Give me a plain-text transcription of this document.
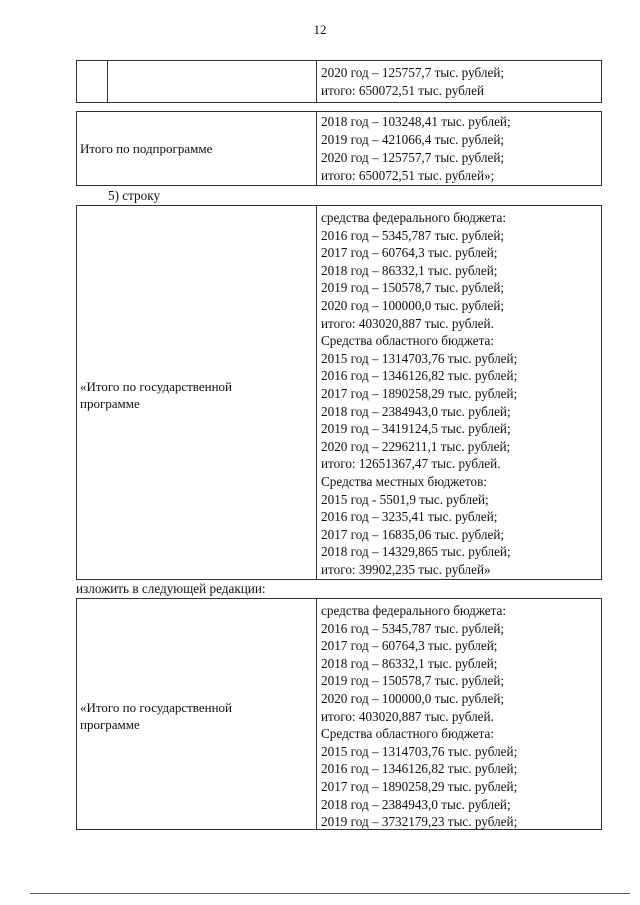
12
2020 год – 125757,7 тыс. рублей;
итого: 650072,51 тыс. рублей
Итого по подпрограмме
2018 год – 103248,41 тыс. рублей;
2019 год – 421066,4 тыс. рублей;
2020 год – 125757,7 тыс. рублей;
итого: 650072,51 тыс. рублей»;
5) строку
«Итого по государственной
программе
средства федерального бюджета:
2016 год – 5345,787 тыс. рублей;
2017 год – 60764,3 тыс. рублей;
2018 год – 86332,1 тыс. рублей;
2019 год – 150578,7 тыс. рублей;
2020 год – 100000,0 тыс. рублей;
итого: 403020,887 тыс. рублей.
Средства областного бюджета:
2015 год – 1314703,76 тыс. рублей;
2016 год – 1346126,82 тыс. рублей;
2017 год – 1890258,29 тыс. рублей;
2018 год – 2384943,0 тыс. рублей;
2019 год – 3419124,5 тыс. рублей;
2020 год – 2296211,1 тыс. рублей;
итого: 12651367,47 тыс. рублей.
Средства местных бюджетов:
2015 год - 5501,9 тыс. рублей;
2016 год – 3235,41 тыс. рублей;
2017 год – 16835,06 тыс. рублей;
2018 год – 14329,865 тыс. рублей;
итого: 39902,235 тыс. рублей»
изложить в следующей редакции:
«Итого по государственной
программе
средства федерального бюджета:
2016 год – 5345,787 тыс. рублей;
2017 год – 60764,3 тыс. рублей;
2018 год – 86332,1 тыс. рублей;
2019 год – 150578,7 тыс. рублей;
2020 год – 100000,0 тыс. рублей;
итого: 403020,887 тыс. рублей.
Средства областного бюджета:
2015 год – 1314703,76 тыс. рублей;
2016 год – 1346126,82 тыс. рублей;
2017 год – 1890258,29 тыс. рублей;
2018 год – 2384943,0 тыс. рублей;
2019 год – 3732179,23 тыс. рублей;
